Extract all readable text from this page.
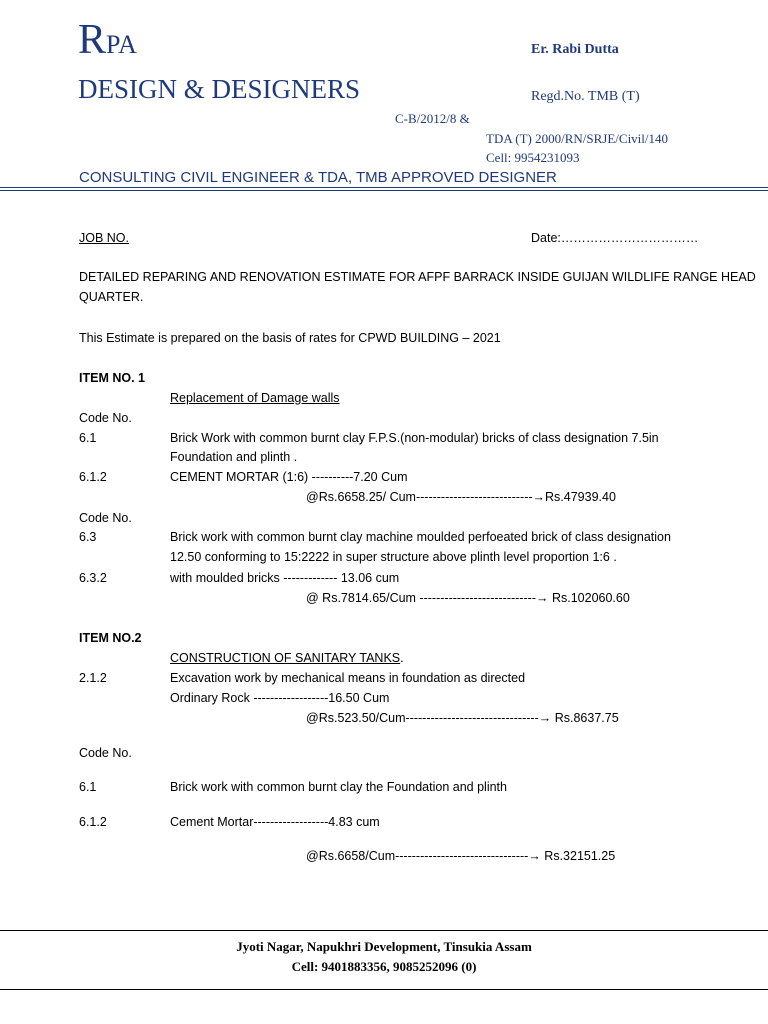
RPA
DESIGN & DESIGNERS
Er. Rabi Dutta
Regd.No. TMB (T)
C-B/2012/8 &
TDA (T) 2000/RN/SRJE/Civil/140
Cell: 9954231093
CONSULTING CIVIL ENGINEER & TDA, TMB APPROVED DESIGNER
JOB NO.	Date:……………………………
DETAILED REPARING AND RENOVATION ESTIMATE FOR AFPF BARRACK INSIDE GUIJAN WILDLIFE RANGE HEAD
QUARTER.
This Estimate is prepared on the basis of rates for CPWD BUILDING – 2021
ITEM NO. 1
Replacement of Damage walls
Code No.
6.1	Brick Work with common burnt clay F.P.S.(non-modular) bricks of class designation 7.5in
Foundation and plinth .
6.1.2	CEMENT MORTAR (1:6) ----------7.20 Cum
@Rs.6658.25/ Cum----------------------------→Rs.47939.40
Code No.
6.3	Brick work with common burnt clay machine moulded perfoeated brick of class designation
12.50 conforming to 15:2222 in super structure above plinth level proportion 1:6 .
6.3.2	with moulded bricks ------------- 13.06 cum
@ Rs.7814.65/Cum ----------------------------→ Rs.102060.60
ITEM NO.2
CONSTRUCTION OF SANITARY TANKS.
2.1.2	Excavation work by mechanical means in foundation as directed
Ordinary Rock ------------------16.50 Cum
@Rs.523.50/Cum--------------------------------→ Rs.8637.75
Code No.
6.1	Brick work with common burnt clay the Foundation and plinth
6.1.2	Cement Mortar------------------4.83 cum
@Rs.6658/Cum--------------------------------→ Rs.32151.25
Jyoti Nagar, Napukhri Development, Tinsukia Assam
Cell: 9401883356, 9085252096 (0)
